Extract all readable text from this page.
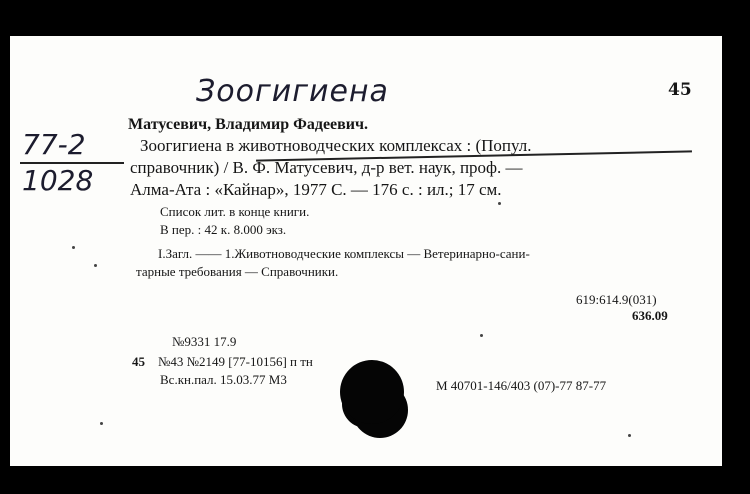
Зоогигиена	45
77-2
1028
Матусевич, Владимир Фадеевич.
Зоогигиена в животноводческих комплексах : (Попул.
справочник) / В. Ф. Матусевич, д-р вет. наук, проф. —
Алма-Ата : «Кайнар», 1977 С. — 176 с. : ил.; 17 см.
Список лит. в конце книги.
В пер. : 42 к. 8.000 экз.
I.Загл. —— 1.Животноводческие комплексы — Ветеринарно-сани-
тарные требования — Справочники.
619:614.9(031)
636.09
№9331 17.9
45 №43 №2149 [77-10156] п тн
Вс.кн.пал. 15.03.77 М3	М 40701-146/403 (07)-77 87-77
